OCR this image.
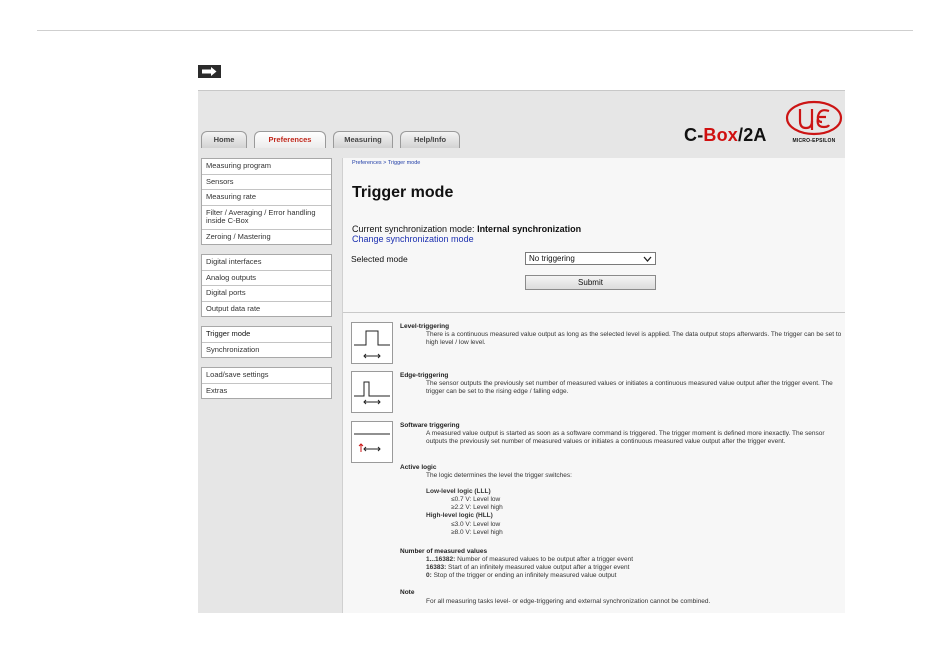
Home	Preferences	Measuring	Help/Info	C-Box/2A	MICRO-EPSILON
Measuring program
Sensors
Measuring rate
Filter / Averaging / Error handling inside C-Box
Zeroing / Mastering
Digital interfaces
Analog outputs
Digital ports
Output data rate
Trigger mode
Synchronization
Load/save settings
Extras
Preferences > Trigger mode
Trigger mode
Current synchronization mode: Internal synchronization
Change synchronization mode
Selected mode	No triggering
Submit
Level-triggering
There is a continuous measured value output as long as the selected level is applied. The data output stops afterwards. The trigger can be set to high level / low level.
Edge-triggering
The sensor outputs the previously set number of measured values or initiates a continuous measured value output after the trigger event. The trigger can be set to the rising edge / falling edge.
Software triggering
A measured value output is started as soon as a software command is triggered. The trigger moment is defined more inexactly. The sensor outputs the previously set number of measured values or initiates a continuous measured value output after the trigger event.
Active logic
The logic determines the level the trigger switches:
Low-level logic (LLL)
≤0.7 V: Level low
≥2.2 V: Level high
High-level logic (HLL)
≤3.0 V: Level low
≥8.0 V: Level high
Number of measured values
1...16382: Number of measured values to be output after a trigger event
16383: Start of an infinitely measured value output after a trigger event
0: Stop of the trigger or ending an infinitely measured value output
Note
For all measuring tasks level- or edge-triggering and external synchronization cannot be combined.
